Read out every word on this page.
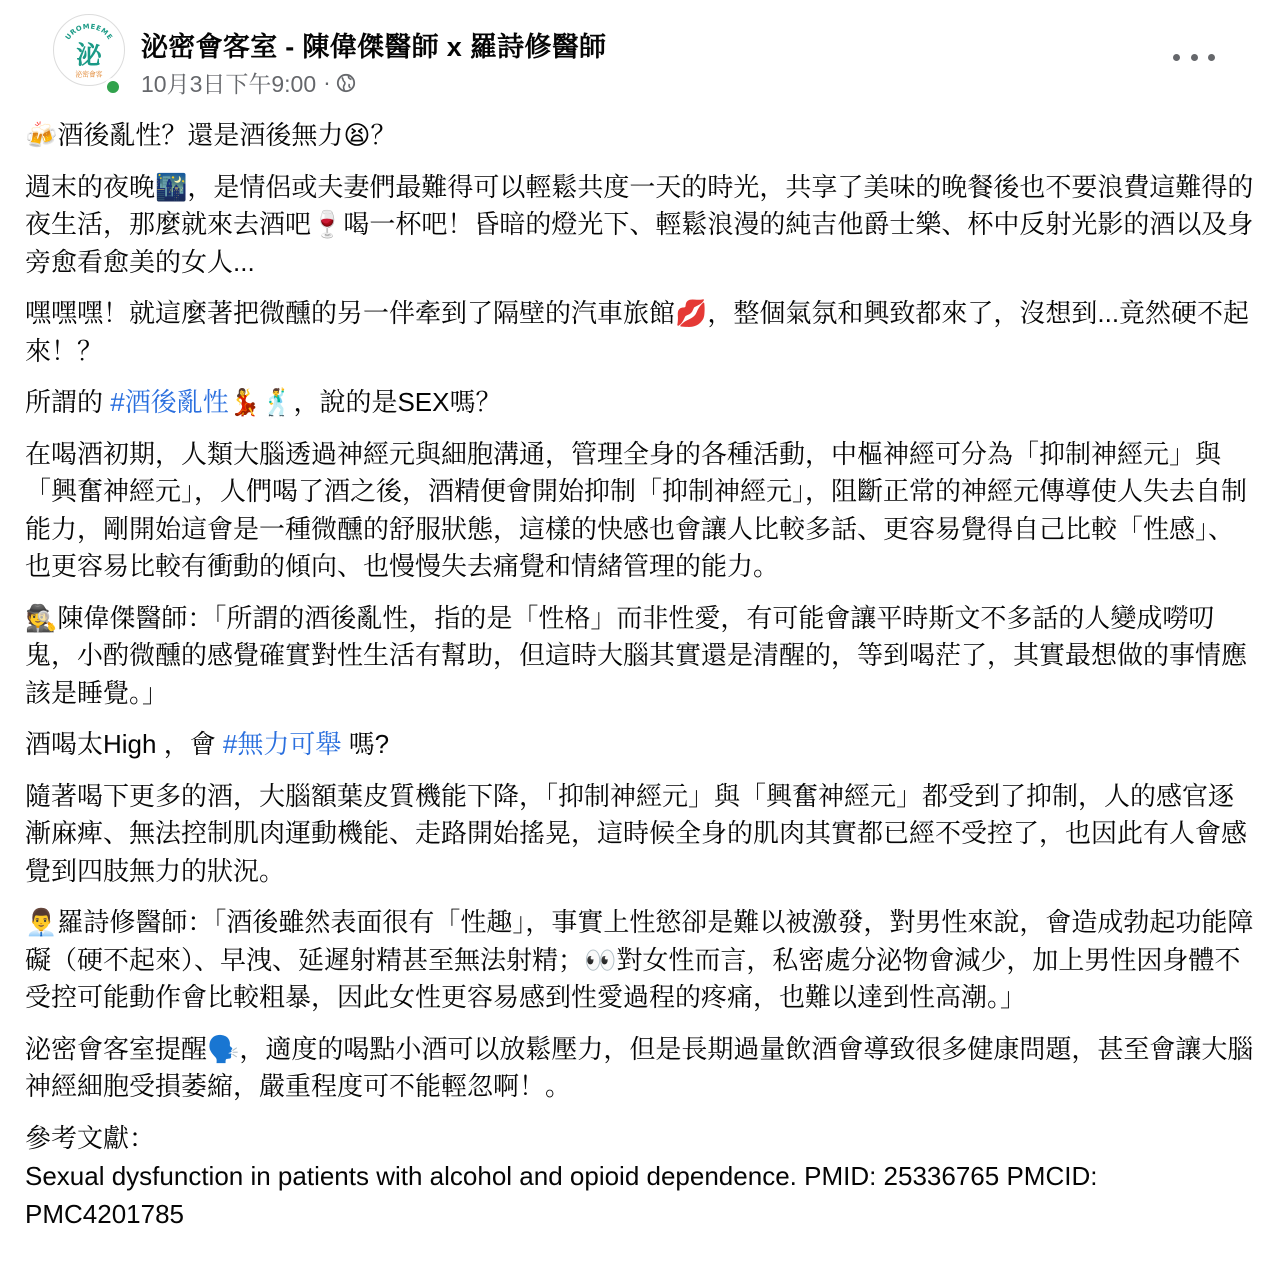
UROMEEME
泌
泌密會客
泌密會客室 - 陳偉傑醫師 x 羅詩修醫師
10月3日下午9:00 ·

🍻酒後亂性？還是酒後無力😫？

週末的夜晚🌃，是情侶或夫妻們最難得可以輕鬆共度一天的時光，共享了美味的晚餐後也不要浪費這難得的夜生活，那麼就來去酒吧🍷喝一杯吧！昏暗的燈光下、輕鬆浪漫的純吉他爵士樂、杯中反射光影的酒以及身旁愈看愈美的女人...

嘿嘿嘿！就這麼著把微醺的另一伴牽到了隔壁的汽車旅館💋，整個氣氛和興致都來了，沒想到...竟然硬不起來！？

所謂的 #酒後亂性💃🕺，說的是SEX嗎？

在喝酒初期，人類大腦透過神經元與細胞溝通，管理全身的各種活動，中樞神經可分為「抑制神經元」與「興奮神經元」，人們喝了酒之後，酒精便會開始抑制「抑制神經元」，阻斷正常的神經元傳導使人失去自制能力，剛開始這會是一種微醺的舒服狀態，這樣的快感也會讓人比較多話、更容易覺得自己比較「性感」、也更容易比較有衝動的傾向、也慢慢失去痛覺和情緒管理的能力。

🕵陳偉傑醫師：「所謂的酒後亂性，指的是「性格」而非性愛，有可能會讓平時斯文不多話的人變成嘮叨鬼，小酌微醺的感覺確實對性生活有幫助，但這時大腦其實還是清醒的，等到喝茫了，其實最想做的事情應該是睡覺。」

酒喝太High ，會 #無力可舉 嗎?

隨著喝下更多的酒，大腦額葉皮質機能下降，「抑制神經元」與「興奮神經元」都受到了抑制，人的感官逐漸麻痺、無法控制肌肉運動機能、走路開始搖晃，這時候全身的肌肉其實都已經不受控了，也因此有人會感覺到四肢無力的狀況。

👨‍💼羅詩修醫師：「酒後雖然表面很有「性趣」，事實上性慾卻是難以被激發，對男性來說，會造成勃起功能障礙（硬不起來）、早洩、延遲射精甚至無法射精；👀對女性而言，私密處分泌物會減少，加上男性因身體不受控可能動作會比較粗暴，因此女性更容易感到性愛過程的疼痛，也難以達到性高潮。」

泌密會客室提醒🗣️，適度的喝點小酒可以放鬆壓力，但是長期過量飲酒會導致很多健康問題，甚至會讓大腦神經細胞受損萎縮，嚴重程度可不能輕忽啊！。

參考文獻：

Sexual dysfunction in patients with alcohol and opioid dependence. PMID: 25336765 PMCID: PMC4201785
